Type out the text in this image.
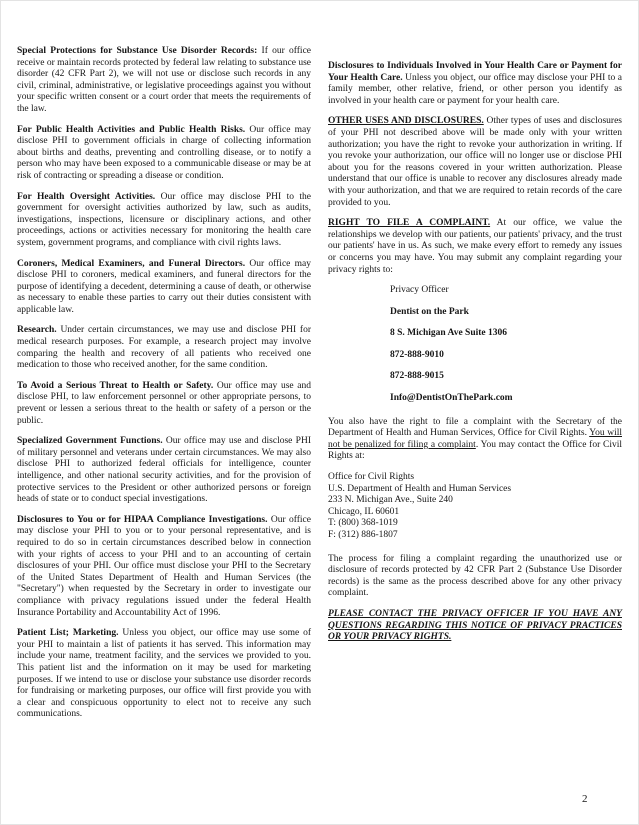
Special Protections for Substance Use Disorder Records: If our office receive or maintain records protected by federal law relating to substance use disorder (42 CFR Part 2), we will not use or disclose such records in any civil, criminal, administrative, or legislative proceedings against you without your specific written consent or a court order that meets the requirements of the law.

For Public Health Activities and Public Health Risks. Our office may disclose PHI to government officials in charge of collecting information about births and deaths, preventing and controlling disease, or to notify a person who may have been exposed to a communicable disease or may be at risk of contracting or spreading a disease or condition.

For Health Oversight Activities. Our office may disclose PHI to the government for oversight activities authorized by law, such as audits, investigations, inspections, licensure or disciplinary actions, and other proceedings, actions or activities necessary for monitoring the health care system, government programs, and compliance with civil rights laws.

Coroners, Medical Examiners, and Funeral Directors. Our office may disclose PHI to coroners, medical examiners, and funeral directors for the purpose of identifying a decedent, determining a cause of death, or otherwise as necessary to enable these parties to carry out their duties consistent with applicable law.

Research. Under certain circumstances, we may use and disclose PHI for medical research purposes. For example, a research project may involve comparing the health and recovery of all patients who received one medication to those who received another, for the same condition.

To Avoid a Serious Threat to Health or Safety. Our office may use and disclose PHI, to law enforcement personnel or other appropriate persons, to prevent or lessen a serious threat to the health or safety of a person or the public.

Specialized Government Functions. Our office may use and disclose PHI of military personnel and veterans under certain circumstances. We may also disclose PHI to authorized federal officials for intelligence, counter intelligence, and other national security activities, and for the provision of protective services to the President or other authorized persons or foreign heads of state or to conduct special investigations.

Disclosures to You or for HIPAA Compliance Investigations. Our office may disclose your PHI to you or to your personal representative, and is required to do so in certain circumstances described below in connection with your rights of access to your PHI and to an accounting of certain disclosures of your PHI. Our office must disclose your PHI to the Secretary of the United States Department of Health and Human Services (the "Secretary") when requested by the Secretary in order to investigate our compliance with privacy regulations issued under the federal Health Insurance Portability and Accountability Act of 1996.

Patient List; Marketing. Unless you object, our office may use some of your PHI to maintain a list of patients it has served. This information may include your name, treatment facility, and the services we provided to you. This patient list and the information on it may be used for marketing purposes. If we intend to use or disclose your substance use disorder records for fundraising or marketing purposes, our office will first provide you with a clear and conspicuous opportunity to elect not to receive any such communications.

Disclosures to Individuals Involved in Your Health Care or Payment for Your Health Care. Unless you object, our office may disclose your PHI to a family member, other relative, friend, or other person you identify as involved in your health care or payment for your health care.

OTHER USES AND DISCLOSURES. Other types of uses and disclosures of your PHI not described above will be made only with your written authorization; you have the right to revoke your authorization in writing. If you revoke your authorization, our office will no longer use or disclose PHI about you for the reasons covered in your written authorization. Please understand that our office is unable to recover any disclosures already made with your authorization, and that we are required to retain records of the care provided to you.

RIGHT TO FILE A COMPLAINT. At our office, we value the relationships we develop with our patients, our patients' privacy, and the trust our patients' have in us. As such, we make every effort to remedy any issues or concerns you may have. You may submit any complaint regarding your privacy rights to:

Privacy Officer
Dentist on the Park
8 S. Michigan Ave Suite 1306
872-888-9010
872-888-9015
Info@DentistOnThePark.com

You also have the right to file a complaint with the Secretary of the Department of Health and Human Services, Office for Civil Rights. You will not be penalized for filing a complaint. You may contact the Office for Civil Rights at:

Office for Civil Rights
U.S. Department of Health and Human Services
233 N. Michigan Ave., Suite 240
Chicago, IL 60601
T: (800) 368-1019
F: (312) 886-1807

The process for filing a complaint regarding the unauthorized use or disclosure of records protected by 42 CFR Part 2 (Substance Use Disorder records) is the same as the process described above for any other privacy complaint.

PLEASE CONTACT THE PRIVACY OFFICER IF YOU HAVE ANY QUESTIONS REGARDING THIS NOTICE OF PRIVACY PRACTICES OR YOUR PRIVACY RIGHTS.

2
